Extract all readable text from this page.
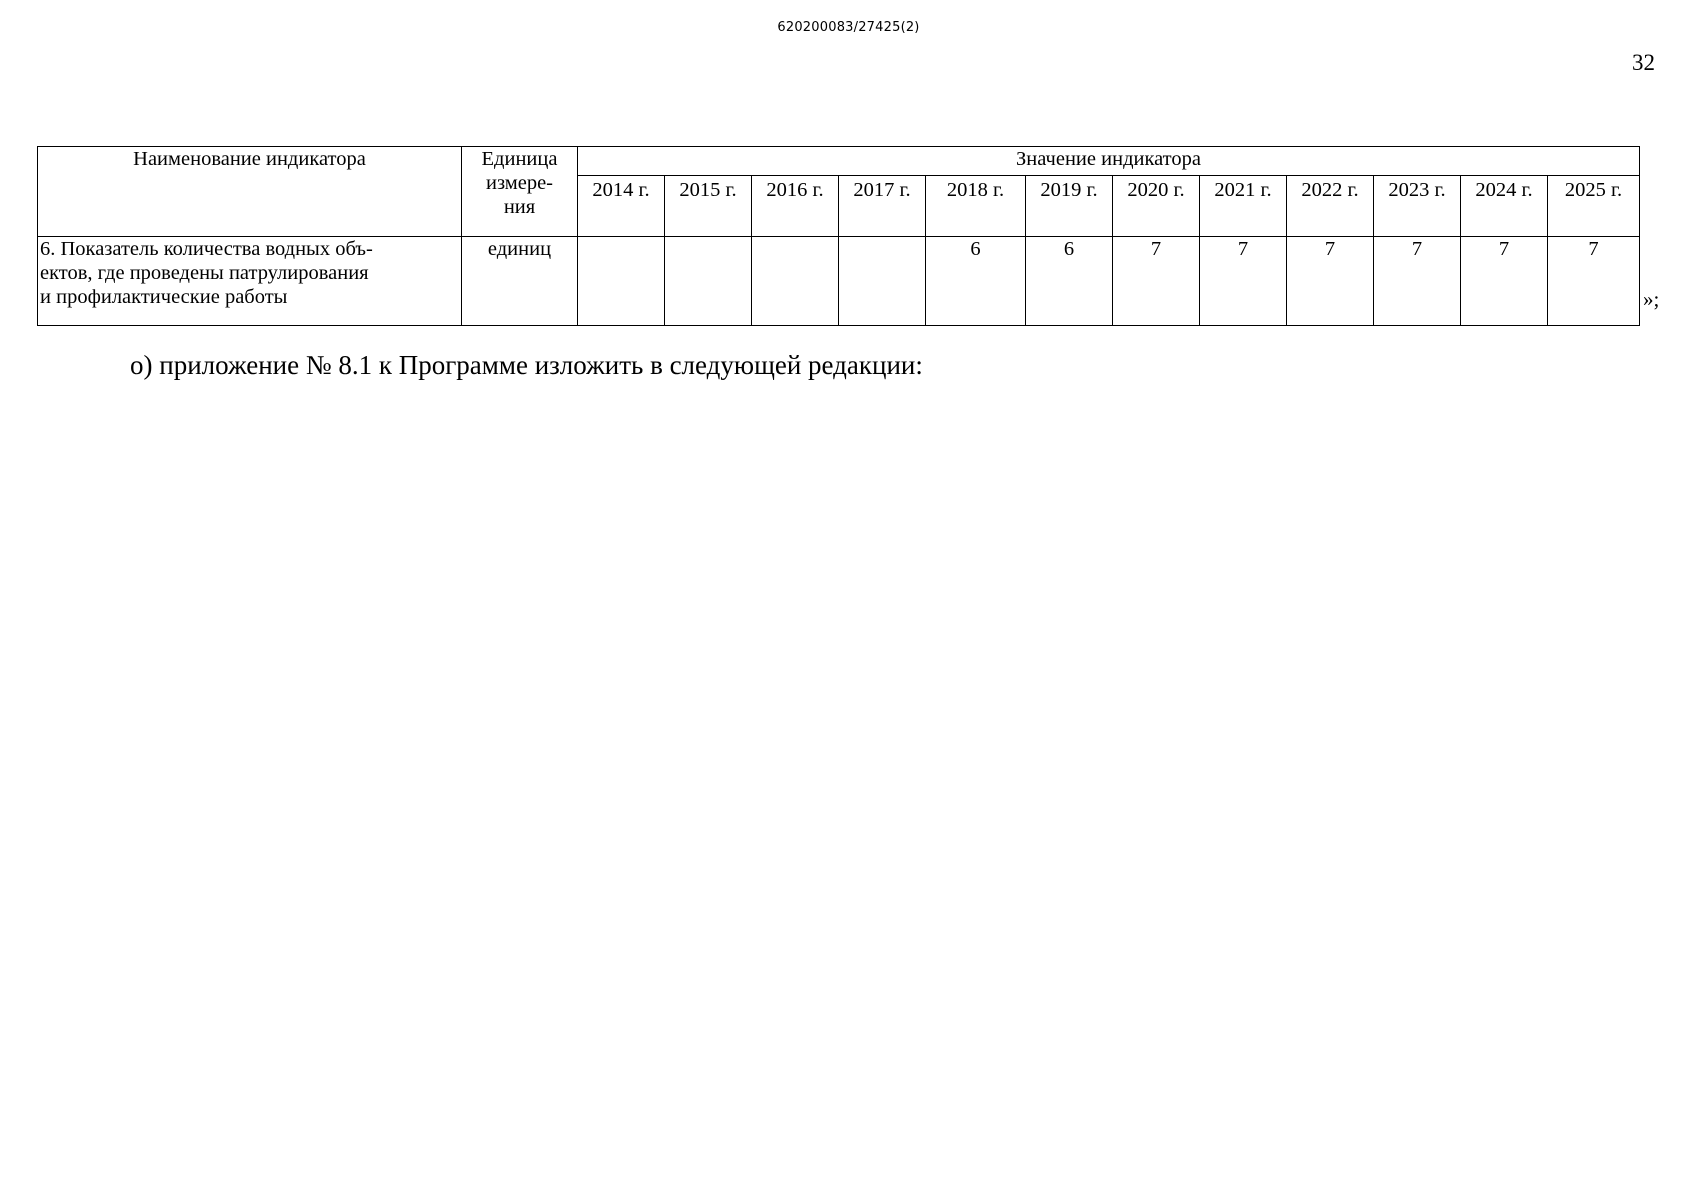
620200083/27425(2)
32
Наименование индикатора	Единица
измере-
ния	Значение индикатора											
		2014 г.	2015 г.	2016 г.	2017 г.	2018 г.	2019 г.	2020 г.	2021 г.	2022 г.	2023 г.	2024 г.	2025 г.

6. Показатель количества водных объ-
ектов, где проведены патрулирования
и профилактические работы	единиц					6	6	7	7	7	7	7	7
»;
о) приложение № 8.1 к Программе изложить в следующей редакции:
